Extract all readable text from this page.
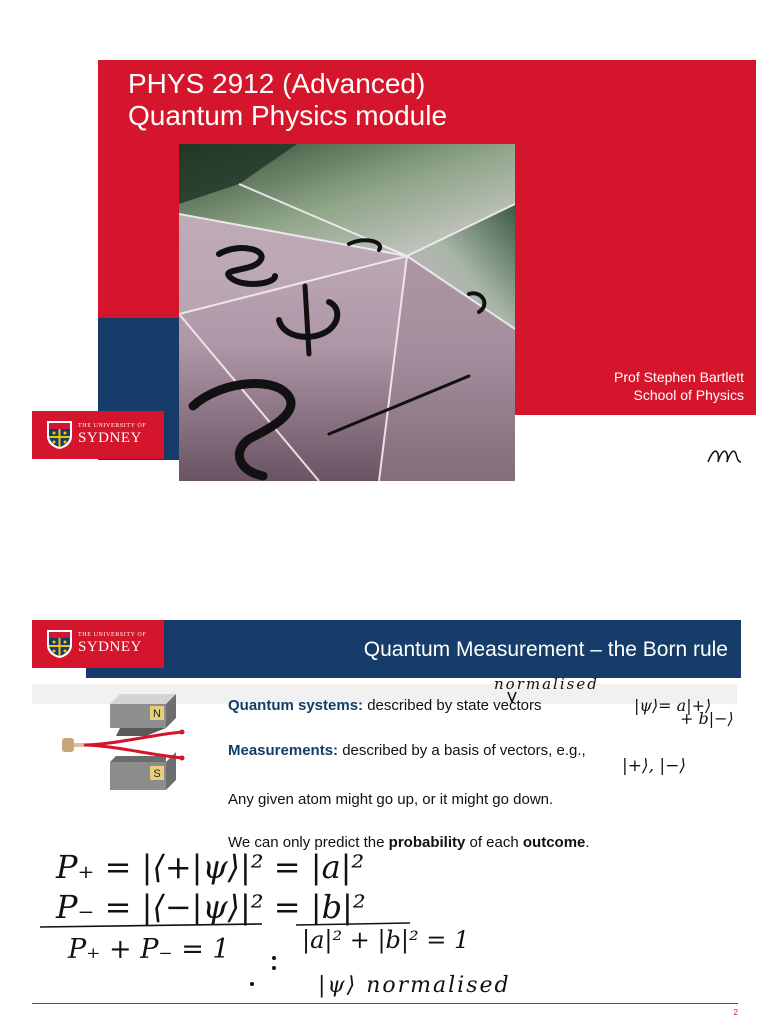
PHYS 2912 (Advanced)
Quantum Physics module
Prof Stephen Bartlett
School of Physics
THE UNIVERSITY OF
SYDNEY
Quantum Measurement – the Born rule
THE UNIVERSITY OF
SYDNEY
N
S
Quantum systems: described by state vectors
Measurements: described by a basis of vectors, e.g.,
Any given atom might go up, or it might go down.
We can only predict the probability of each outcome.
normalised
|ψ⟩= a|+⟩
+ b|−⟩
|+⟩, |−⟩
P₊ = |⟨+|ψ⟩|² = |a|²
P₋ = |⟨−|ψ⟩|² = |b|²
P₊ + P₋ = 1	|a|² + |b|² = 1
|ψ⟩ normalised
2
